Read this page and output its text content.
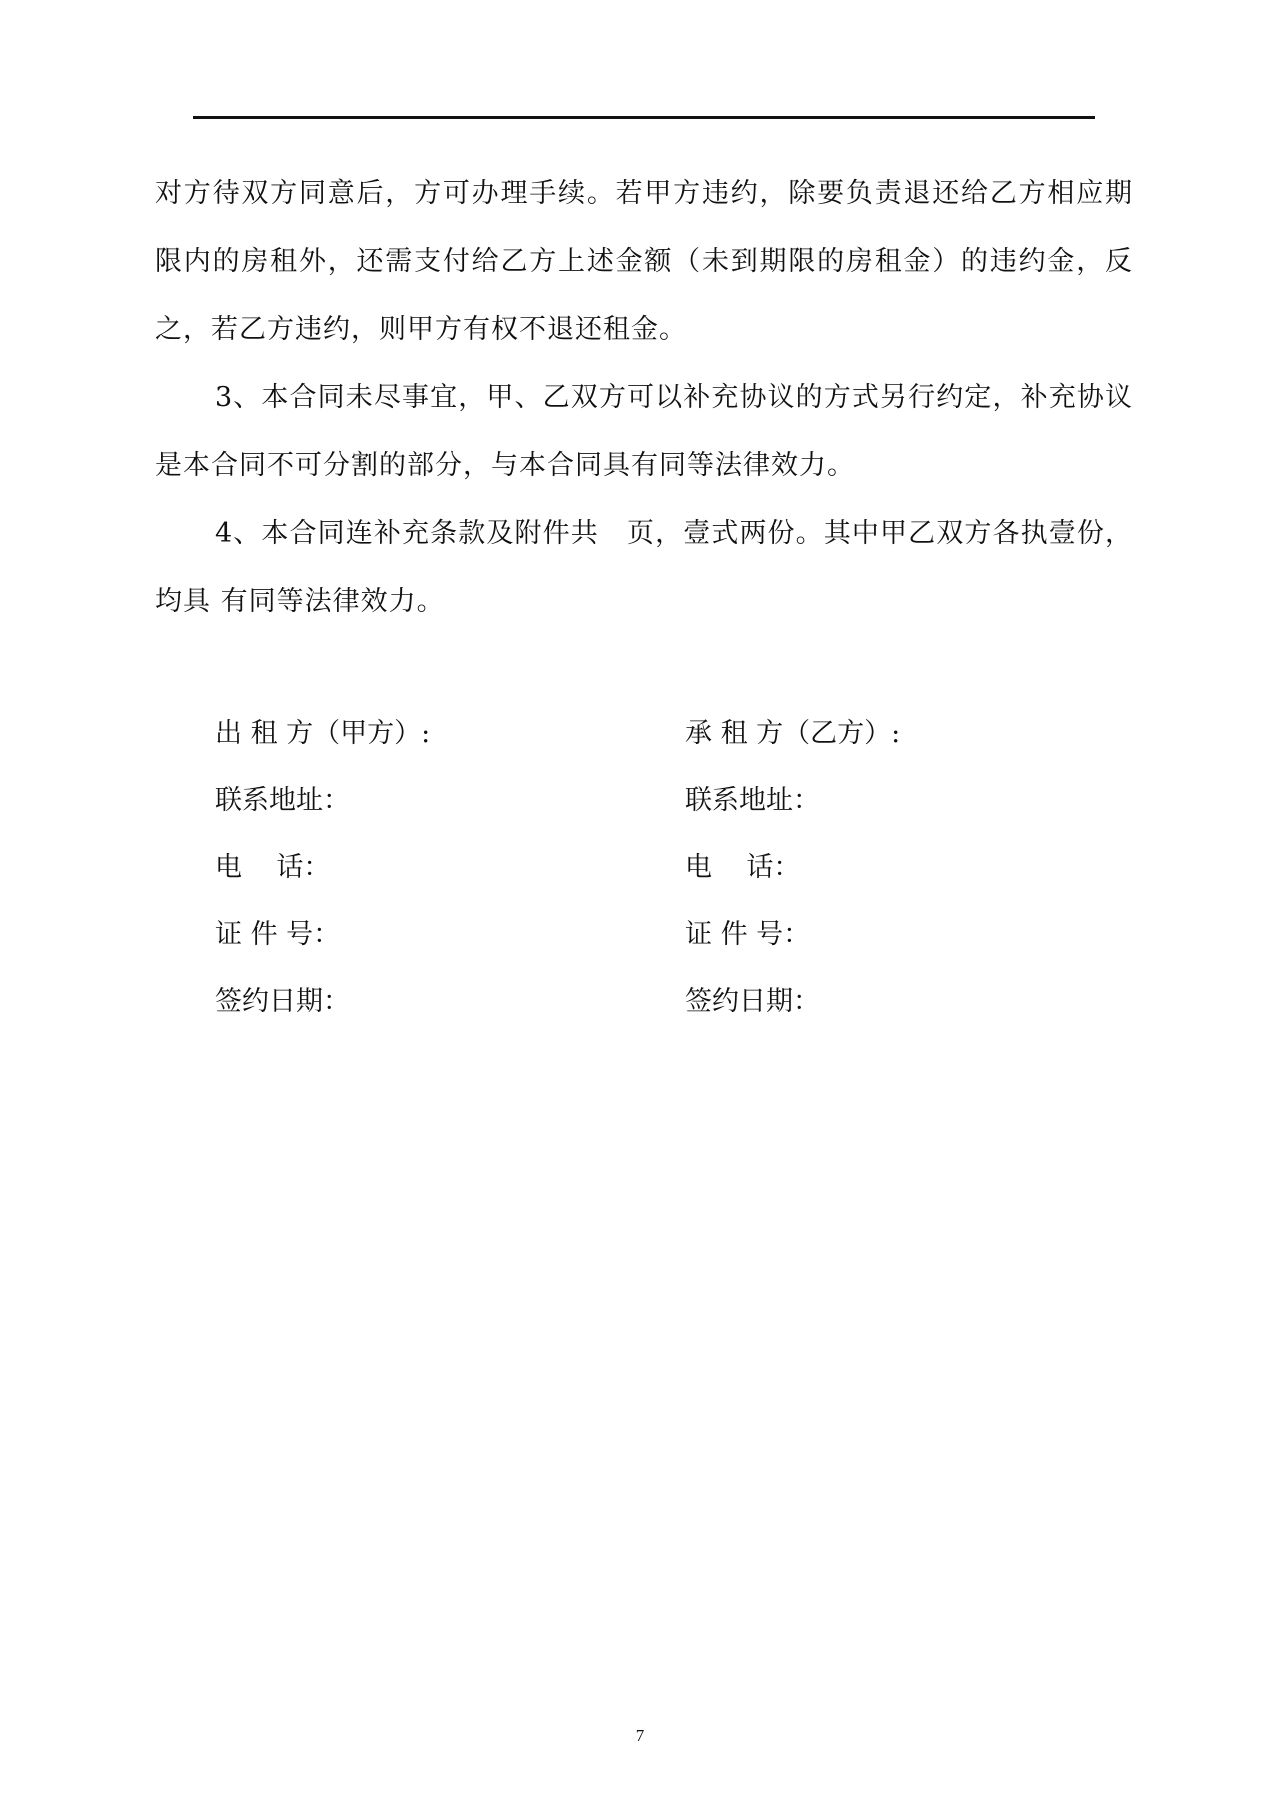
对方待双方同意后，方可办理手续。若甲方违约，除要负责退还给乙方相应期限内的房租外，还需支付给乙方上述金额（未到期限的房租金）的违约金，反之，若乙方违约，则甲方有权不退还租金。

3、本合同未尽事宜，甲、乙双方可以补充协议的方式另行约定，补充协议是本合同不可分割的部分，与本合同具有同等法律效力。

4、本合同连补充条款及附件共　页，壹式两份。其中甲乙双方各执壹份，均具 有同等法律效力。

出 租 方（甲方）:
联系地址：
电    话：
证 件 号：
签约日期：
承 租 方（乙方）:
联系地址：
电    话：
证 件 号：
签约日期：
7
